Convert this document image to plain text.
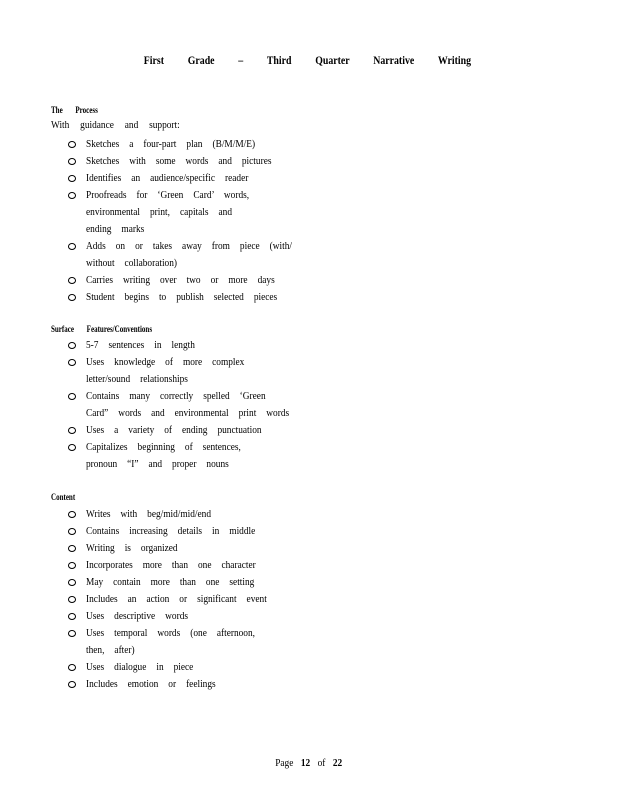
First Grade – Third Quarter Narrative Writing
The Process
With guidance and support:
Sketches a four-part plan (B/M/M/E)
Sketches with some words and pictures
Identifies an audience/specific reader
Proofreads for ‘Green Card’ words,
environmental print, capitals and
ending marks
Adds on or takes away from piece (with/
without collaboration)
Carries writing over two or more days
Student begins to publish selected pieces
Surface Features/Conventions
5-7 sentences in length
Uses knowledge of more complex
letter/sound relationships
Contains many correctly spelled ‘Green
Card” words and environmental print words
Uses a variety of ending punctuation
Capitalizes beginning of sentences,
pronoun “I” and proper nouns
Content
Writes with beg/mid/mid/end
Contains increasing details in middle
Writing is organized
Incorporates more than one character
May contain more than one setting
Includes an action or significant event
Uses descriptive words
Uses temporal words (one afternoon,
then, after)
Uses dialogue in piece
Includes emotion or feelings
Page 12 of 22
